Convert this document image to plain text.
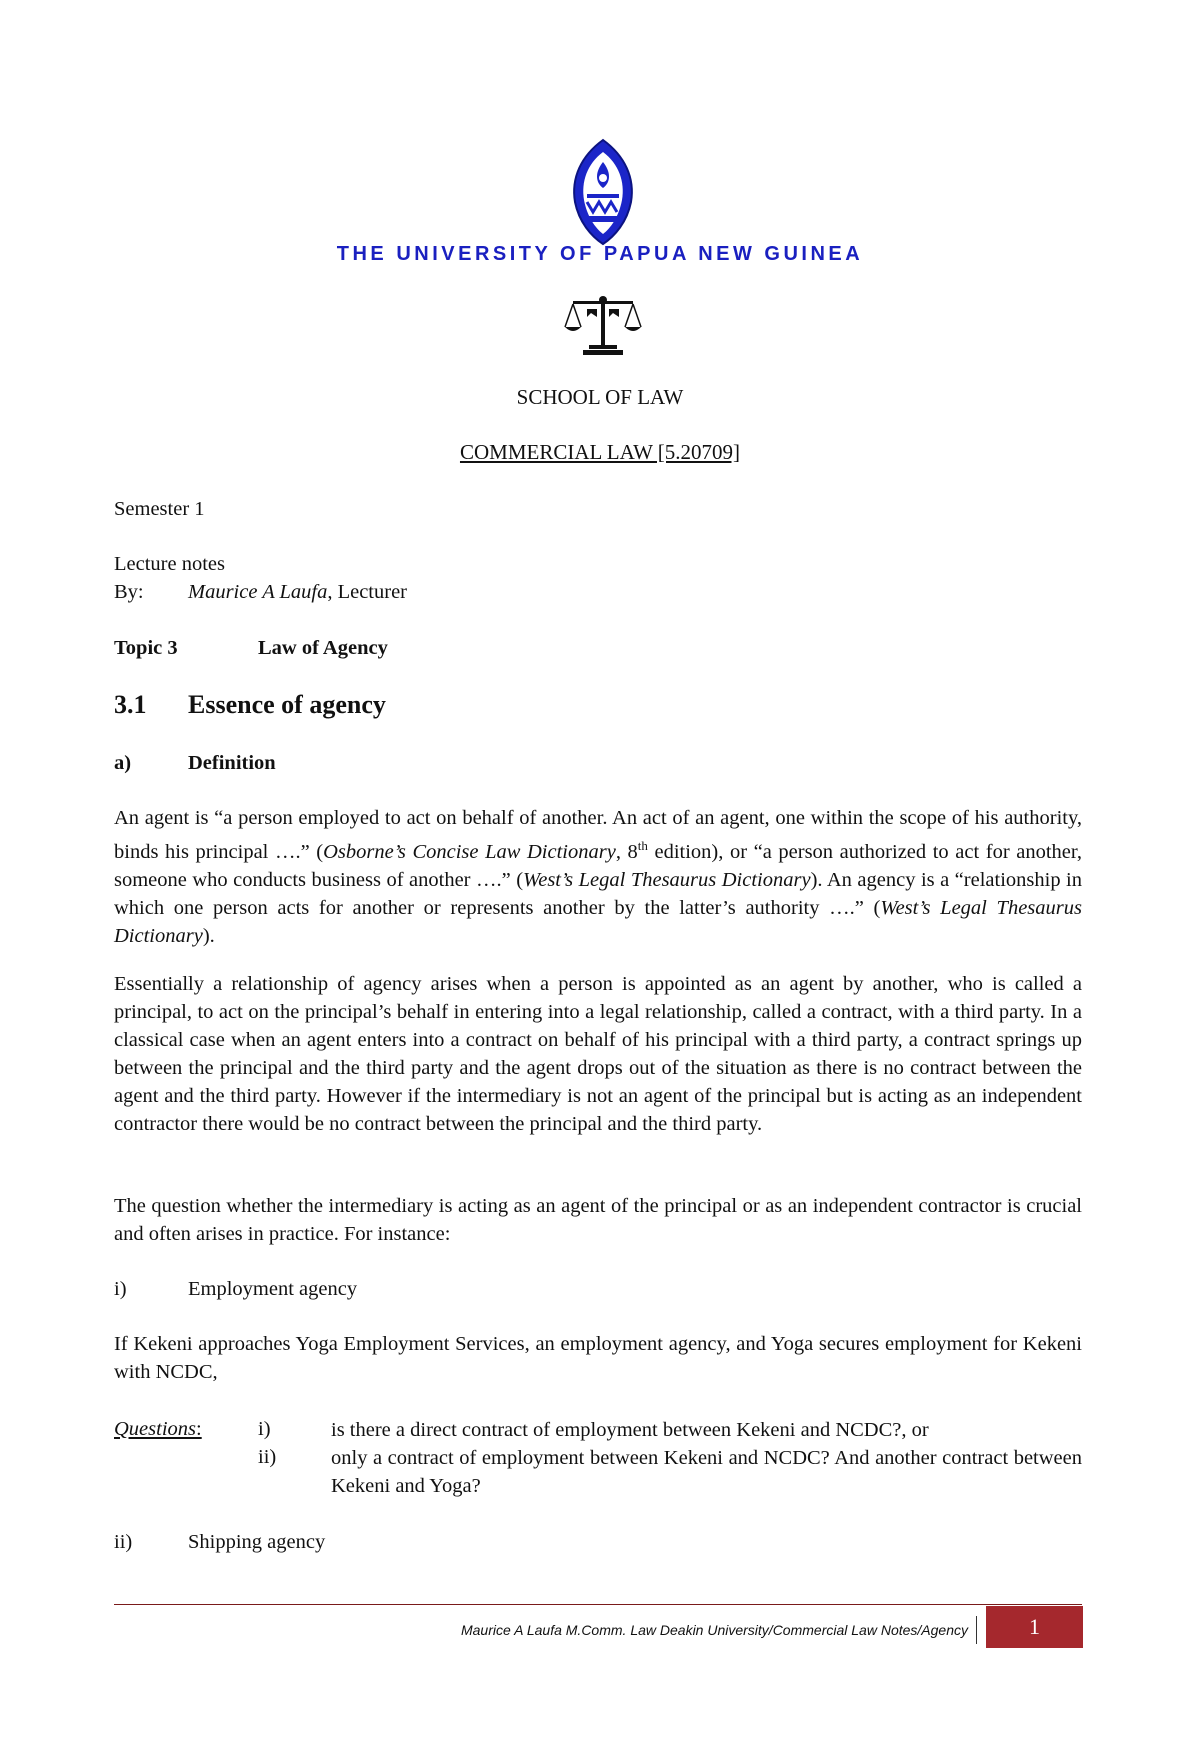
THE UNIVERSITY OF PAPUA NEW GUINEA
SCHOOL OF LAW
COMMERCIAL LAW [5.20709]
Semester 1
Lecture notes
By: Maurice A Laufa, Lecturer
Topic 3	Law of Agency
3.1 Essence of agency
a)	Definition
An agent is “a person employed to act on behalf of another. An act of an agent, one within the scope of his authority, binds his principal ….” (Osborne’s Concise Law Dictionary, 8th edition), or “a person authorized to act for another, someone who conducts business of another ….” (West’s Legal Thesaurus Dictionary). An agency is a “relationship in which one person acts for another or represents another by the latter’s authority ….” (West’s Legal Thesaurus Dictionary).
Essentially a relationship of agency arises when a person is appointed as an agent by another, who is called a principal, to act on the principal’s behalf in entering into a legal relationship, called a contract, with a third party. In a classical case when an agent enters into a contract on behalf of his principal with a third party, a contract springs up between the principal and the third party and the agent drops out of the situation as there is no contract between the agent and the third party. However if the intermediary is not an agent of the principal but is acting as an independent contractor there would be no contract between the principal and the third party.
The question whether the intermediary is acting as an agent of the principal or as an independent contractor is crucial and often arises in practice. For instance:
i)	Employment agency
If Kekeni approaches Yoga Employment Services, an employment agency, and Yoga secures employment for Kekeni with NCDC,
Questions:	i)	is there a direct contract of employment between Kekeni and NCDC?, or
ii)	only a contract of employment between Kekeni and NCDC? And another contract between Kekeni and Yoga?
ii)	Shipping agency
Maurice A Laufa M.Comm. Law Deakin University/Commercial Law Notes/Agency	1
